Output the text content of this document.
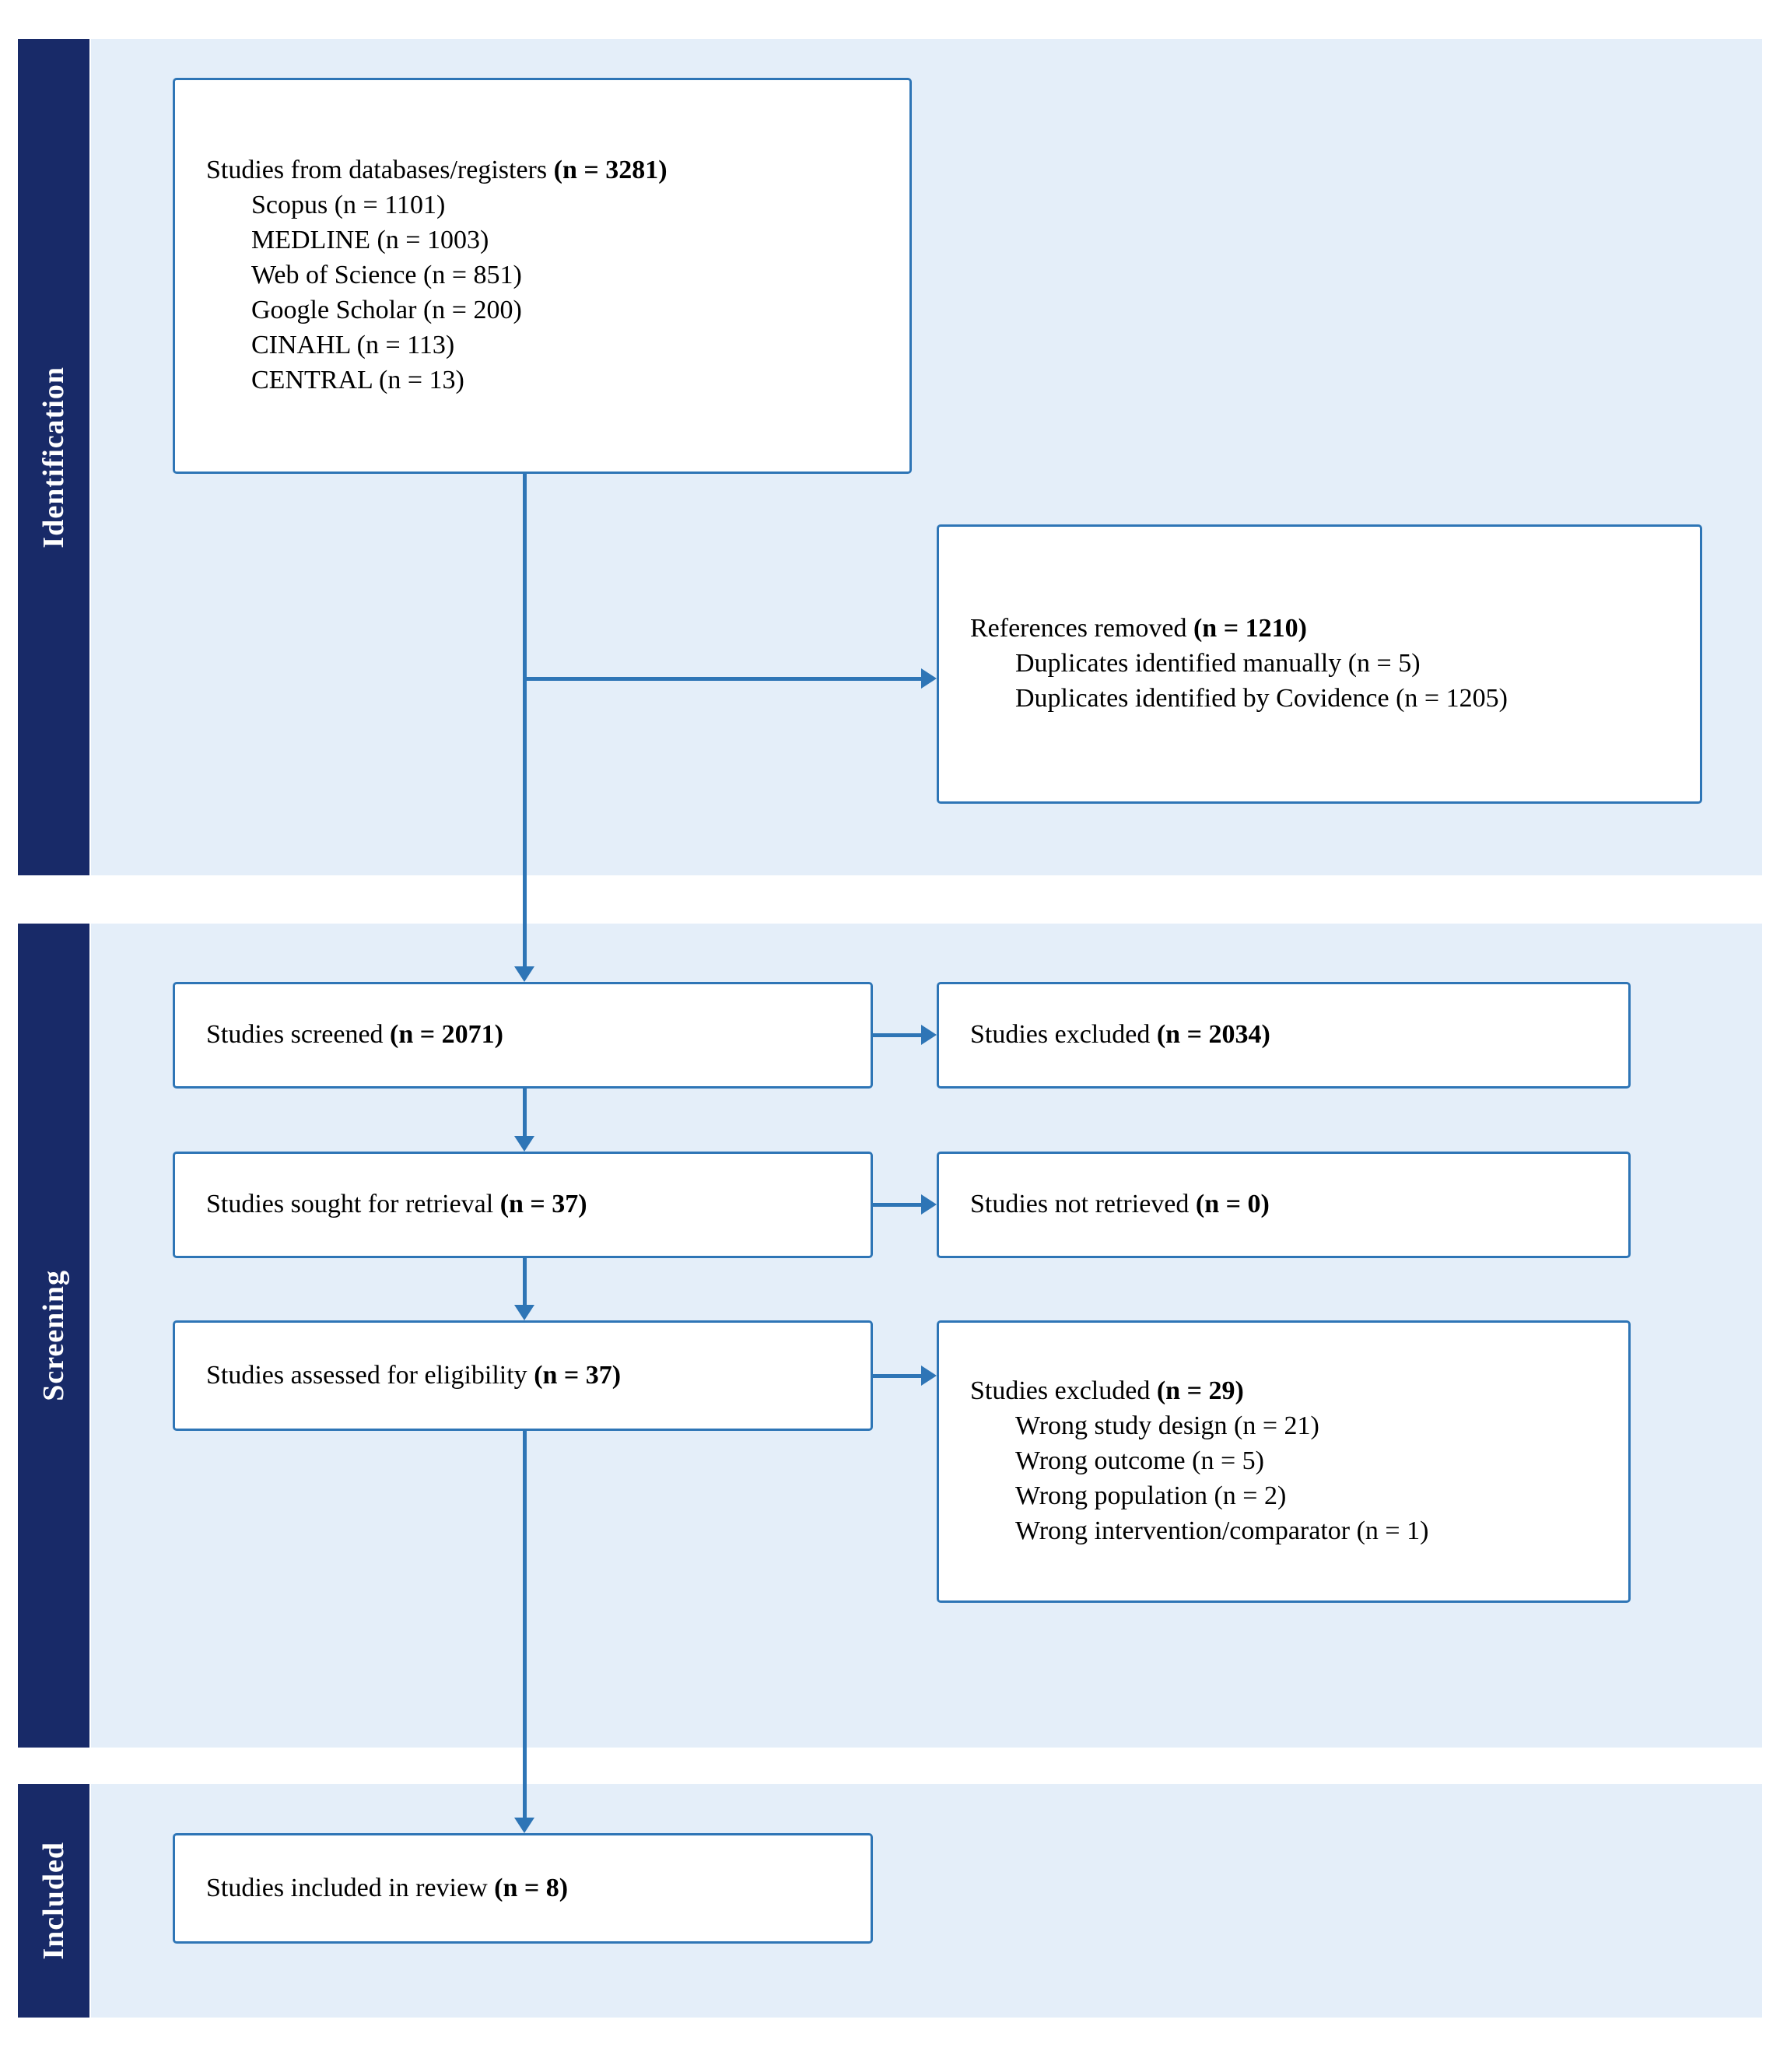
Identification
Screening
Included
Studies from databases/registers (n = 3281)
Scopus (n = 1101)
MEDLINE (n = 1003)
Web of Science (n = 851)
Google Scholar (n = 200)
CINAHL (n = 113)
CENTRAL (n = 13)
References removed (n = 1210)
Duplicates identified manually (n = 5)
Duplicates identified by Covidence (n = 1205)
Studies screened (n = 2071)	Studies excluded (n = 2034)
Studies sought for retrieval (n = 37)	Studies not retrieved (n = 0)
Studies assessed for eligibility (n = 37)
Studies excluded (n = 29)
Wrong study design (n = 21)
Wrong outcome (n = 5)
Wrong population (n = 2)
Wrong intervention/comparator (n = 1)
Studies included in review (n = 8)
